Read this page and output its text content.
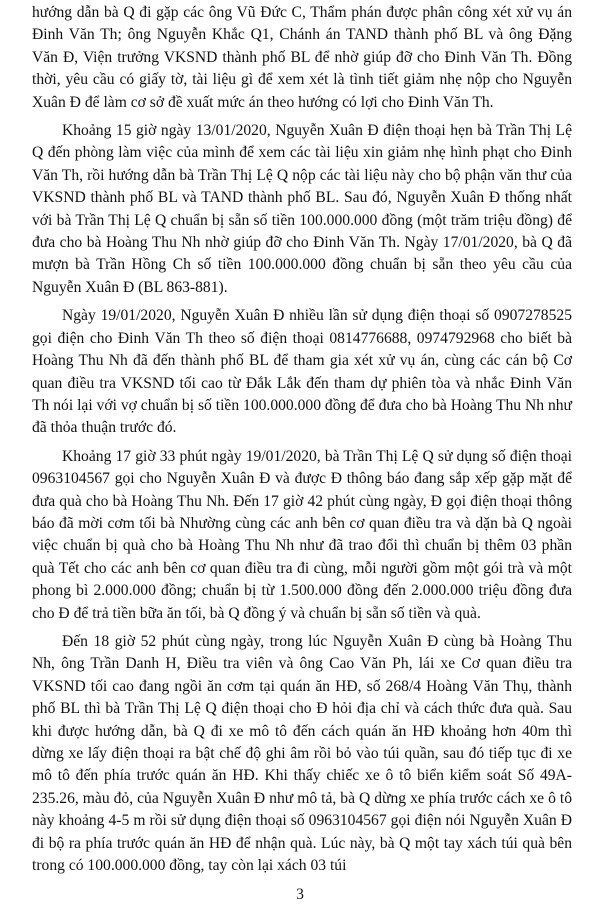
hướng dẫn bà Q đi gặp các ông Vũ Đức C, Thẩm phán được phân công xét xử vụ án Đinh Văn Th; ông Nguyễn Khắc Q1, Chánh án TAND thành phố BL và ông Đặng Văn Đ, Viện trưởng VKSND thành phố BL để nhờ giúp đỡ cho Đinh Văn Th. Đồng thời, yêu cầu có giấy tờ, tài liệu gì để xem xét là tình tiết giảm nhẹ nộp cho Nguyễn Xuân Đ để làm cơ sở đề xuất mức án theo hướng có lợi cho Đinh Văn Th.

Khoảng 15 giờ ngày 13/01/2020, Nguyễn Xuân Đ điện thoại hẹn bà Trần Thị Lệ Q đến phòng làm việc của mình để xem các tài liệu xin giảm nhẹ hình phạt cho Đinh Văn Th, rồi hướng dẫn bà Trần Thị Lệ Q nộp các tài liệu này cho bộ phận văn thư của VKSND thành phố BL và TAND thành phố BL. Sau đó, Nguyễn Xuân Đ thống nhất với bà Trần Thị Lệ Q chuẩn bị sẵn số tiền 100.000.000 đồng (một trăm triệu đồng) để đưa cho bà Hoàng Thu Nh nhờ giúp đỡ cho Đinh Văn Th. Ngày 17/01/2020, bà Q đã mượn bà Trần Hồng Ch số tiền 100.000.000 đồng chuẩn bị sẵn theo yêu cầu của Nguyễn Xuân Đ (BL 863-881).

Ngày 19/01/2020, Nguyễn Xuân Đ nhiều lần sử dụng điện thoại số 0907278525 gọi điện cho Đinh Văn Th theo số điện thoại 0814776688, 0974792968 cho biết bà Hoàng Thu Nh đã đến thành phố BL để tham gia xét xử vụ án, cùng các cán bộ Cơ quan điều tra VKSND tối cao từ Đắk Lắk đến tham dự phiên tòa và nhắc Đinh Văn Th nói lại với vợ chuẩn bị số tiền 100.000.000 đồng để đưa cho bà Hoàng Thu Nh như đã thỏa thuận trước đó.

Khoảng 17 giờ 33 phút ngày 19/01/2020, bà Trần Thị Lệ Q sử dụng số điện thoại 0963104567 gọi cho Nguyễn Xuân Đ và được Đ thông báo đang sắp xếp gặp mặt để đưa quà cho bà Hoàng Thu Nh. Đến 17 giờ 42 phút cùng ngày, Đ gọi điện thoại thông báo đã mời cơm tối bà Nhường cùng các anh bên cơ quan điều tra và dặn bà Q ngoài việc chuẩn bị quà cho bà Hoàng Thu Nh như đã trao đổi thì chuẩn bị thêm 03 phần quà Tết cho các anh bên cơ quan điều tra đi cùng, mỗi người gồm một gói trà và một phong bì 2.000.000 đồng; chuẩn bị từ 1.500.000 đồng đến 2.000.000 triệu đồng đưa cho Đ để trả tiền bữa ăn tối, bà Q đồng ý và chuẩn bị sẵn số tiền và quà.

Đến 18 giờ 52 phút cùng ngày, trong lúc Nguyễn Xuân Đ cùng bà Hoàng Thu Nh, ông Trần Danh H, Điều tra viên và ông Cao Văn Ph, lái xe Cơ quan điều tra VKSND tối cao đang ngồi ăn cơm tại quán ăn HĐ, số 268/4 Hoàng Văn Thụ, thành phố BL thì bà Trần Thị Lệ Q điện thoại cho Đ hỏi địa chỉ và cách thức đưa quà. Sau khi được hướng dẫn, bà Q đi xe mô tô đến cách quán ăn HĐ khoảng hơn 40m thì dừng xe lấy điện thoại ra bật chế độ ghi âm rồi bỏ vào túi quần, sau đó tiếp tục đi xe mô tô đến phía trước quán ăn HĐ. Khi thấy chiếc xe ô tô biển kiểm soát Số 49A-235.26, màu đỏ, của Nguyễn Xuân Đ như mô tả, bà Q dừng xe phía trước cách xe ô tô này khoảng 4-5 m rồi sử dụng điện thoại số 0963104567 gọi điện nói Nguyễn Xuân Đ đi bộ ra phía trước quán ăn HĐ để nhận quà. Lúc này, bà Q một tay xách túi quà bên trong có 100.000.000 đồng, tay còn lại xách 03 túi

3
